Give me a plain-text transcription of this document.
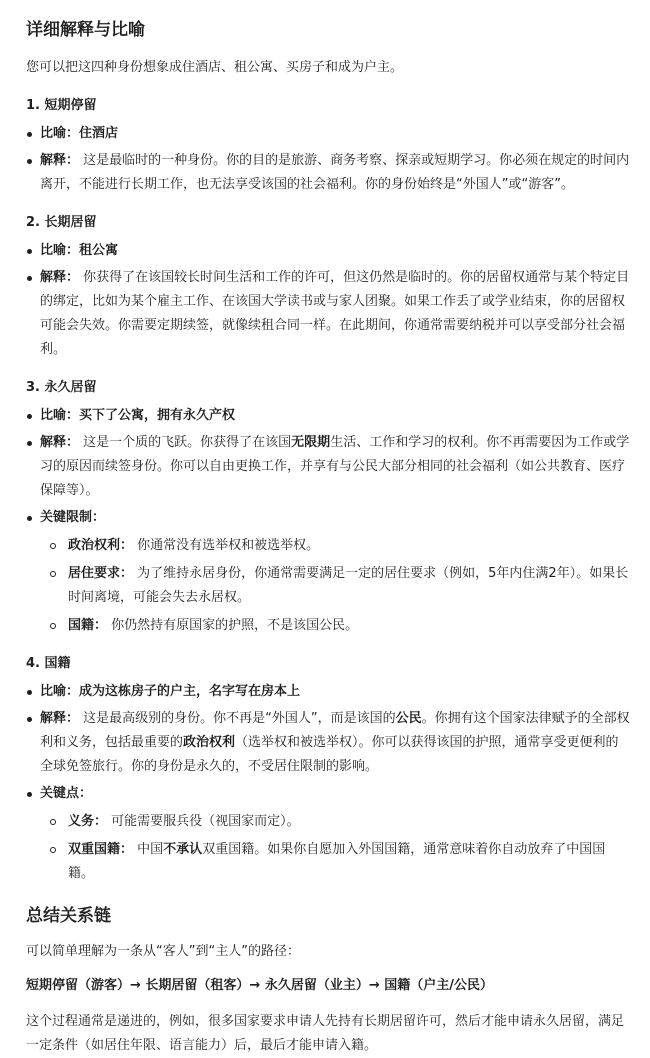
详细解释与比喻

您可以把这四种身份想象成住酒店、租公寓、买房子和成为户主。

1. 短期停留
比喻：住酒店
解释： 这是最临时的一种身份。你的目的是旅游、商务考察、探亲或短期学习。你必须在规定的时间内离开，不能进行长期工作，也无法享受该国的社会福利。你的身份始终是“外国人”或“游客”。
2. 长期居留
比喻：租公寓
解释： 你获得了在该国较长时间生活和工作的许可，但这仍然是临时的。你的居留权通常与某个特定目的绑定，比如为某个雇主工作、在该国大学读书或与家人团聚。如果工作丢了或学业结束，你的居留权可能会失效。你需要定期续签，就像续租合同一样。在此期间，你通常需要纳税并可以享受部分社会福利。
3. 永久居留
比喻：买下了公寓，拥有永久产权
解释： 这是一个质的飞跃。你获得了在该国无限期生活、工作和学习的权利。你不再需要因为工作或学习的原因而续签身份。你可以自由更换工作，并享有与公民大部分相同的社会福利（如公共教育、医疗保障等）。
关键限制：
政治权利： 你通常没有选举权和被选举权。
居住要求： 为了维持永居身份，你通常需要满足一定的居住要求（例如，5年内住满2年）。如果长时间离境，可能会失去永居权。
国籍： 你仍然持有原国家的护照，不是该国公民。
4. 国籍
比喻：成为这栋房子的户主，名字写在房本上
解释： 这是最高级别的身份。你不再是“外国人”，而是该国的公民。你拥有这个国家法律赋予的全部权利和义务，包括最重要的政治权利（选举权和被选举权）。你可以获得该国的护照，通常享受更便利的全球免签旅行。你的身份是永久的，不受居住限制的影响。
关键点：
义务： 可能需要服兵役（视国家而定）。
双重国籍： 中国不承认双重国籍。如果你自愿加入外国国籍，通常意味着你自动放弃了中国国籍。
总结关系链

可以简单理解为一条从“客人”到“主人”的路径：

短期停留（游客）→ 长期居留（租客）→ 永久居留（业主）→ 国籍（户主/公民）

这个过程通常是递进的，例如，很多国家要求申请人先持有长期居留许可，然后才能申请永久居留，满足一定条件（如居住年限、语言能力）后，最后才能申请入籍。
